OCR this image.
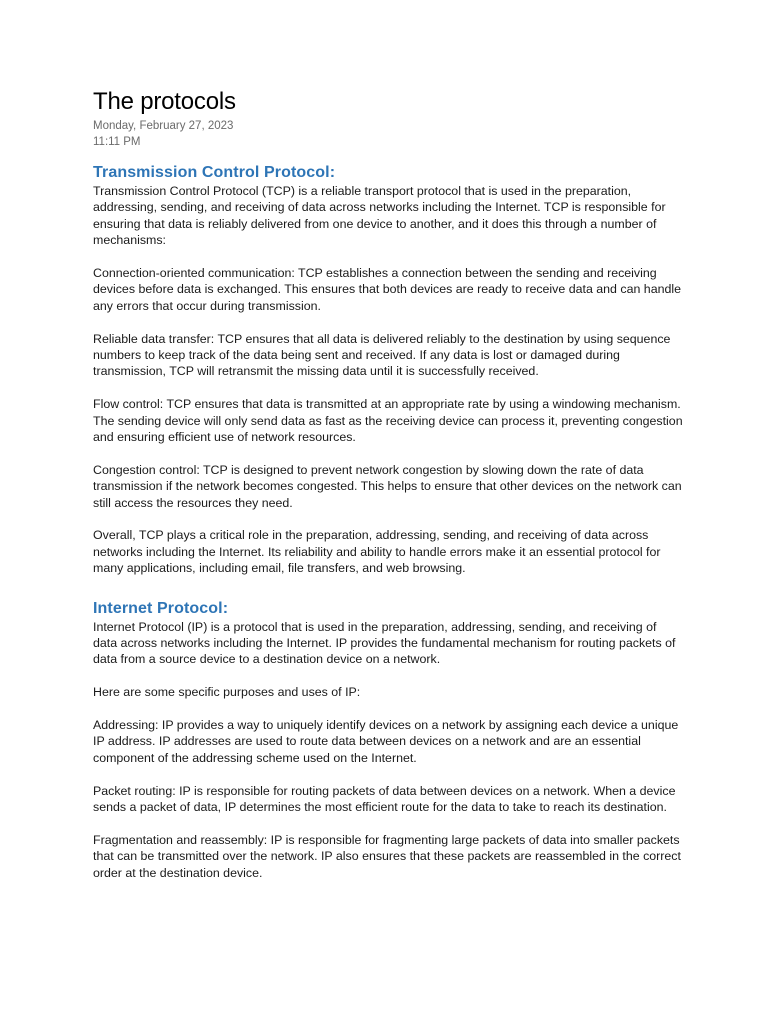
The protocols
Monday, February 27, 2023
11:11 PM
Transmission Control Protocol:

Transmission Control Protocol (TCP) is a reliable transport protocol that is used in the preparation, addressing, sending, and receiving of data across networks including the Internet. TCP is responsible for ensuring that data is reliably delivered from one device to another, and it does this through a number of mechanisms:

Connection-oriented communication: TCP establishes a connection between the sending and receiving devices before data is exchanged. This ensures that both devices are ready to receive data and can handle any errors that occur during transmission.

Reliable data transfer: TCP ensures that all data is delivered reliably to the destination by using sequence numbers to keep track of the data being sent and received. If any data is lost or damaged during transmission, TCP will retransmit the missing data until it is successfully received.

Flow control: TCP ensures that data is transmitted at an appropriate rate by using a windowing mechanism. The sending device will only send data as fast as the receiving device can process it, preventing congestion and ensuring efficient use of network resources.

Congestion control: TCP is designed to prevent network congestion by slowing down the rate of data transmission if the network becomes congested. This helps to ensure that other devices on the network can still access the resources they need.

Overall, TCP plays a critical role in the preparation, addressing, sending, and receiving of data across networks including the Internet. Its reliability and ability to handle errors make it an essential protocol for many applications, including email, file transfers, and web browsing.

Internet Protocol:

Internet Protocol (IP) is a protocol that is used in the preparation, addressing, sending, and receiving of data across networks including the Internet. IP provides the fundamental mechanism for routing packets of data from a source device to a destination device on a network.

Here are some specific purposes and uses of IP:

Addressing: IP provides a way to uniquely identify devices on a network by assigning each device a unique IP address. IP addresses are used to route data between devices on a network and are an essential component of the addressing scheme used on the Internet.

Packet routing: IP is responsible for routing packets of data between devices on a network. When a device sends a packet of data, IP determines the most efficient route for the data to take to reach its destination.

Fragmentation and reassembly: IP is responsible for fragmenting large packets of data into smaller packets that can be transmitted over the network. IP also ensures that these packets are reassembled in the correct order at the destination device.
